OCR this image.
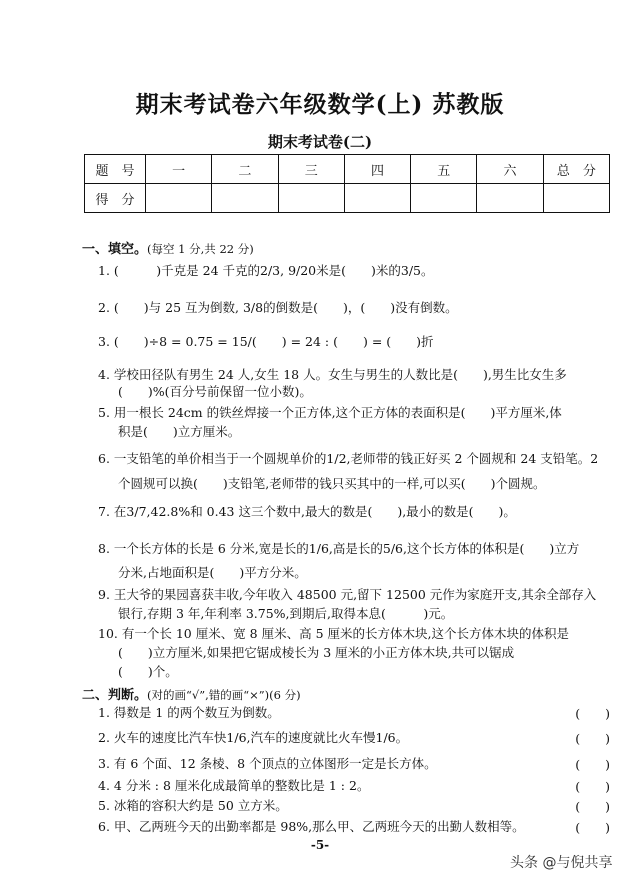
期末考试卷六年级数学(上) 苏教版
期末考试卷(二)
题　号	一	二	三	四	五	六	总　分
得　分							
一、填空。(每空 1 分,共 22 分)
1. (　　　)千克是 24 千克的2/3, 9/20米是(　　)米的3/5。
2. (　　)与 25 互为倒数, 3/8的倒数是(　　)，(　　)没有倒数。
3. (　　)÷8 = 0.75 = 15/(　　) = 24 : (　　) = (　　)折
4. 学校田径队有男生 24 人,女生 18 人。女生与男生的人数比是(　　),男生比女生多
(　　)%(百分号前保留一位小数)。
5. 用一根长 24cm 的铁丝焊接一个正方体,这个正方体的表面积是(　　)平方厘米,体
积是(　　)立方厘米。
6. 一支铅笔的单价相当于一个圆规单价的1/2,老师带的钱正好买 2 个圆规和 24 支铅笔。2
个圆规可以换(　　)支铅笔,老师带的钱只买其中的一样,可以买(　　)个圆规。
7. 在3/7,42.8%和 0.43 这三个数中,最大的数是(　　),最小的数是(　　)。
8. 一个长方体的长是 6 分米,宽是长的1/6,高是长的5/6,这个长方体的体积是(　　)立方
分米,占地面积是(　　)平方分米。
9. 王大爷的果园喜获丰收,今年收入 48500 元,留下 12500 元作为家庭开支,其余全部存入
银行,存期 3 年,年利率 3.75%,到期后,取得本息(　　　)元。
10. 有一个长 10 厘米、宽 8 厘米、高 5 厘米的长方体木块,这个长方体木块的体积是
(　　)立方厘米,如果把它锯成棱长为 3 厘米的小正方体木块,共可以锯成
(　　)个。
二、判断。(对的画“√”,错的画“×”)(6 分)
1. 得数是 1 的两个数互为倒数。	(　　)
2. 火车的速度比汽车快1/6,汽车的速度就比火车慢1/6。	(　　)
3. 有 6 个面、12 条棱、8 个顶点的立体图形一定是长方体。	(　　)
4. 4 分米 : 8 厘米化成最简单的整数比是 1 : 2。	(　　)
5. 冰箱的容积大约是 50 立方米。	(　　)
6. 甲、乙两班今天的出勤率都是 98%,那么甲、乙两班今天的出勤人数相等。	(　　)
-5-
头条 @与倪共享
